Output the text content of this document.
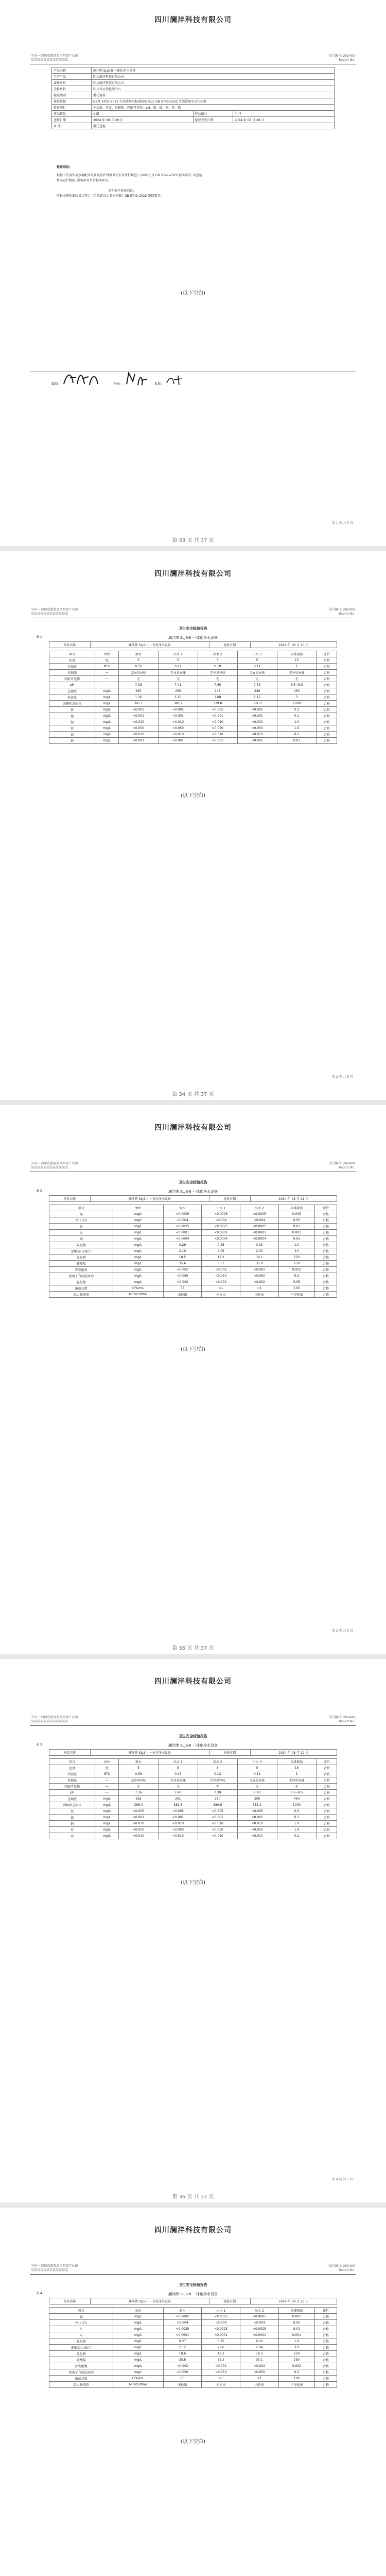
四川澜沣科技有限公司
中国 • 四川成都双流区西部产业园
某某某某某某某某某某某某
报告编号: 2024XX
Report No.
产品名称	澜沣牌 SLJS-II 一体化净水设备		
生产厂家	四川澜沣科技有限公司		
委托单位	四川澜沣科技有限公司		
受检单位	四川省水质检测中心		
检验类别	委托检验		
检验依据	GB/T 5750-2022 生活饮用水标准检验方法; GB 5749-2022 生活饮用水卫生标准		
检验项目	浑浊度、色度、臭和味、肉眼可见物、pH、铁、锰、铜、锌、铝		
样品数量	1 组	样品编号	S-01
送样日期	2024 年 08 月 20 日	检验完成日期	2024 年 08 月 28 日
备 注	委托送检		
检验结论:
根据《生活饮用水输配水设备及防护材料卫生安全评价规范》(2001) 及 GB 5749-2022 标准要求, 对送检
样品进行检验, 所检项目符合标准要求。
卫生安全检验结论:
所检水样检测结果均符合《生活饮用水卫生标准》GB 5749-2022 限值要求。
(以下空白)
编制:	审核:	批准:
第 1 页 共 5 页
第 33 页 共 37 页
四川澜沣科技有限公司
中国 • 四川成都双流区西部产业园
某某某某某某某某某某某某
报告编号: 2024XX
Report No.
卫生安全检验报告
表 1	澜沣牌 SLJS-II 一体化净水设备
样品名称	澜沣牌 SLJS-II 一体化净水设备	检验日期	2024 年 08 月 20 日
项目	单位	原水	出水 1	出水 2	出水 3	标准限值	评价
色度	度	5	5	5	5	15	合格
浑浊度	NTU	0.56	0.12	0.10	0.11	1	合格
臭和味	—	无异臭异味	无异臭异味	无异臭异味	无异臭异味	无异臭异味	合格
肉眼可见物	—	无	无	无	无	无	合格
pH	—	7.38	7.41	7.40	7.39	6.5~8.5	合格
总硬度	mg/L	260	250	248	249	450	合格
耗氧量	mg/L	1.36	1.10	1.08	1.12	3	合格
溶解性总固体	mg/L	395.1	380.2	379.8	381.0	1000	合格
铁	mg/L	<0.005	<0.005	<0.005	<0.005	0.3	合格
锰	mg/L	<0.001	<0.001	<0.001	<0.001	0.1	合格
铜	mg/L	<0.010	<0.010	<0.010	<0.010	1.0	合格
锌	mg/L	<0.050	<0.050	<0.050	<0.050	1.0	合格
铝	mg/L	<0.010	<0.010	<0.010	<0.010	0.2	合格
砷	mg/L	<0.001	<0.001	<0.001	<0.001	0.01	合格
(以下空白)
第 2 页 共 5 页
第 34 页 共 37 页
四川澜沣科技有限公司
中国 • 四川成都双流区西部产业园
某某某某某某某某某某某某
报告编号: 2024XX
Report No.
卫生安全检验报告
表 2	澜沣牌 SLJS-II 一体化净水设备
样品名称	澜沣牌 SLJS-II 一体化净水设备	检验日期	2024 年 08 月 21 日
项目	单位	原水	出水 1	出水 2	标准限值	评价
镉	mg/L	<0.0005	<0.0005	<0.0005	0.005	合格
铬(六价)	mg/L	<0.004	<0.004	<0.004	0.05	合格
铅	mg/L	<0.0025	<0.0025	<0.0025	0.01	合格
汞	mg/L	<0.0001	<0.0001	<0.0001	0.001	合格
硒	mg/L	<0.0004	<0.0004	<0.0004	0.01	合格
氟化物	mg/L	0.26	0.25	0.25	1.0	合格
硝酸盐(以N计)	mg/L	2.10	2.05	2.03	10	合格
氯化物	mg/L	18.5	18.2	18.1	250	合格
硫酸盐	mg/L	35.6	35.1	35.0	250	合格
挥发酚类	mg/L	<0.002	<0.002	<0.002	0.002	合格
阴离子合成洗涤剂	mg/L	<0.050	<0.050	<0.050	0.3	合格
氰化物	mg/L	<0.002	<0.002	<0.002	0.05	合格
菌落总数	CFU/mL	58	<1	<1	100	合格
总大肠菌群	MPN/100mL	未检出	未检出	未检出	不得检出	合格
(以下空白)
第 3 页 共 5 页
第 35 页 共 37 页
四川澜沣科技有限公司
中国 • 四川成都双流区西部产业园
某某某某某某某某某某某某
报告编号: 2024XX
Report No.
卫生安全检验报告
表 3	澜沣牌 SLJS-II 一体化净水设备
样品名称	澜沣牌 SLJS-II 一体化净水设备	检验日期	2024 年 08 月 22 日
项目	单位	原水	出水 1	出水 2	出水 3	标准限值	评价
色度	度	5	5	5	5	15	合格
浑浊度	NTU	0.58	0.13	0.12	0.12	1	合格
臭和味	—	无异臭异味	无异臭异味	无异臭异味	无异臭异味	无异臭异味	合格
肉眼可见物	—	无	无	无	无	无	合格
pH	—	7.36	7.40	7.39	7.40	6.5~8.5	合格
总硬度	mg/L	262	251	250	250	450	合格
溶解性总固体	mg/L	396.0	381.5	380.6	381.2	1000	合格
铁	mg/L	<0.005	<0.005	<0.005	<0.005	0.3	合格
锰	mg/L	<0.001	<0.001	<0.001	<0.001	0.1	合格
铜	mg/L	<0.010	<0.010	<0.010	<0.010	1.0	合格
锌	mg/L	<0.050	<0.050	<0.050	<0.050	1.0	合格
铝	mg/L	<0.010	<0.010	<0.010	<0.010	0.2	合格
(以下空白)
第 4 页 共 5 页
第 36 页 共 37 页
四川澜沣科技有限公司
中国 • 四川成都双流区西部产业园
某某某某某某某某某某某某
报告编号: 2024XX
Report No.
卫生安全检验报告
表 4	澜沣牌 SLJS-II 一体化净水设备
样品名称	澜沣牌 SLJS-II 一体化净水设备	检验日期	2024 年 08 月 23 日
项目	单位	原水	出水 1	出水 2	标准限值	评价
镉	mg/L	<0.0005	<0.0005	<0.0005	0.005	合格
铬(六价)	mg/L	<0.004	<0.004	<0.004	0.05	合格
铅	mg/L	<0.0025	<0.0025	<0.0025	0.01	合格
汞	mg/L	<0.0001	<0.0001	<0.0001	0.001	合格
氟化物	mg/L	0.27	0.25	0.26	1.0	合格
硝酸盐(以N计)	mg/L	2.12	2.06	2.04	10	合格
氯化物	mg/L	18.6	18.3	18.2	250	合格
硫酸盐	mg/L	35.8	35.2	35.1	250	合格
挥发酚类	mg/L	<0.002	<0.002	<0.002	0.002	合格
阴离子合成洗涤剂	mg/L	<0.050	<0.050	<0.050	0.3	合格
菌落总数	CFU/mL	60	<1	<1	100	合格
总大肠菌群	MPN/100mL	未检出	未检出	未检出	不得检出	合格
(以下空白)
